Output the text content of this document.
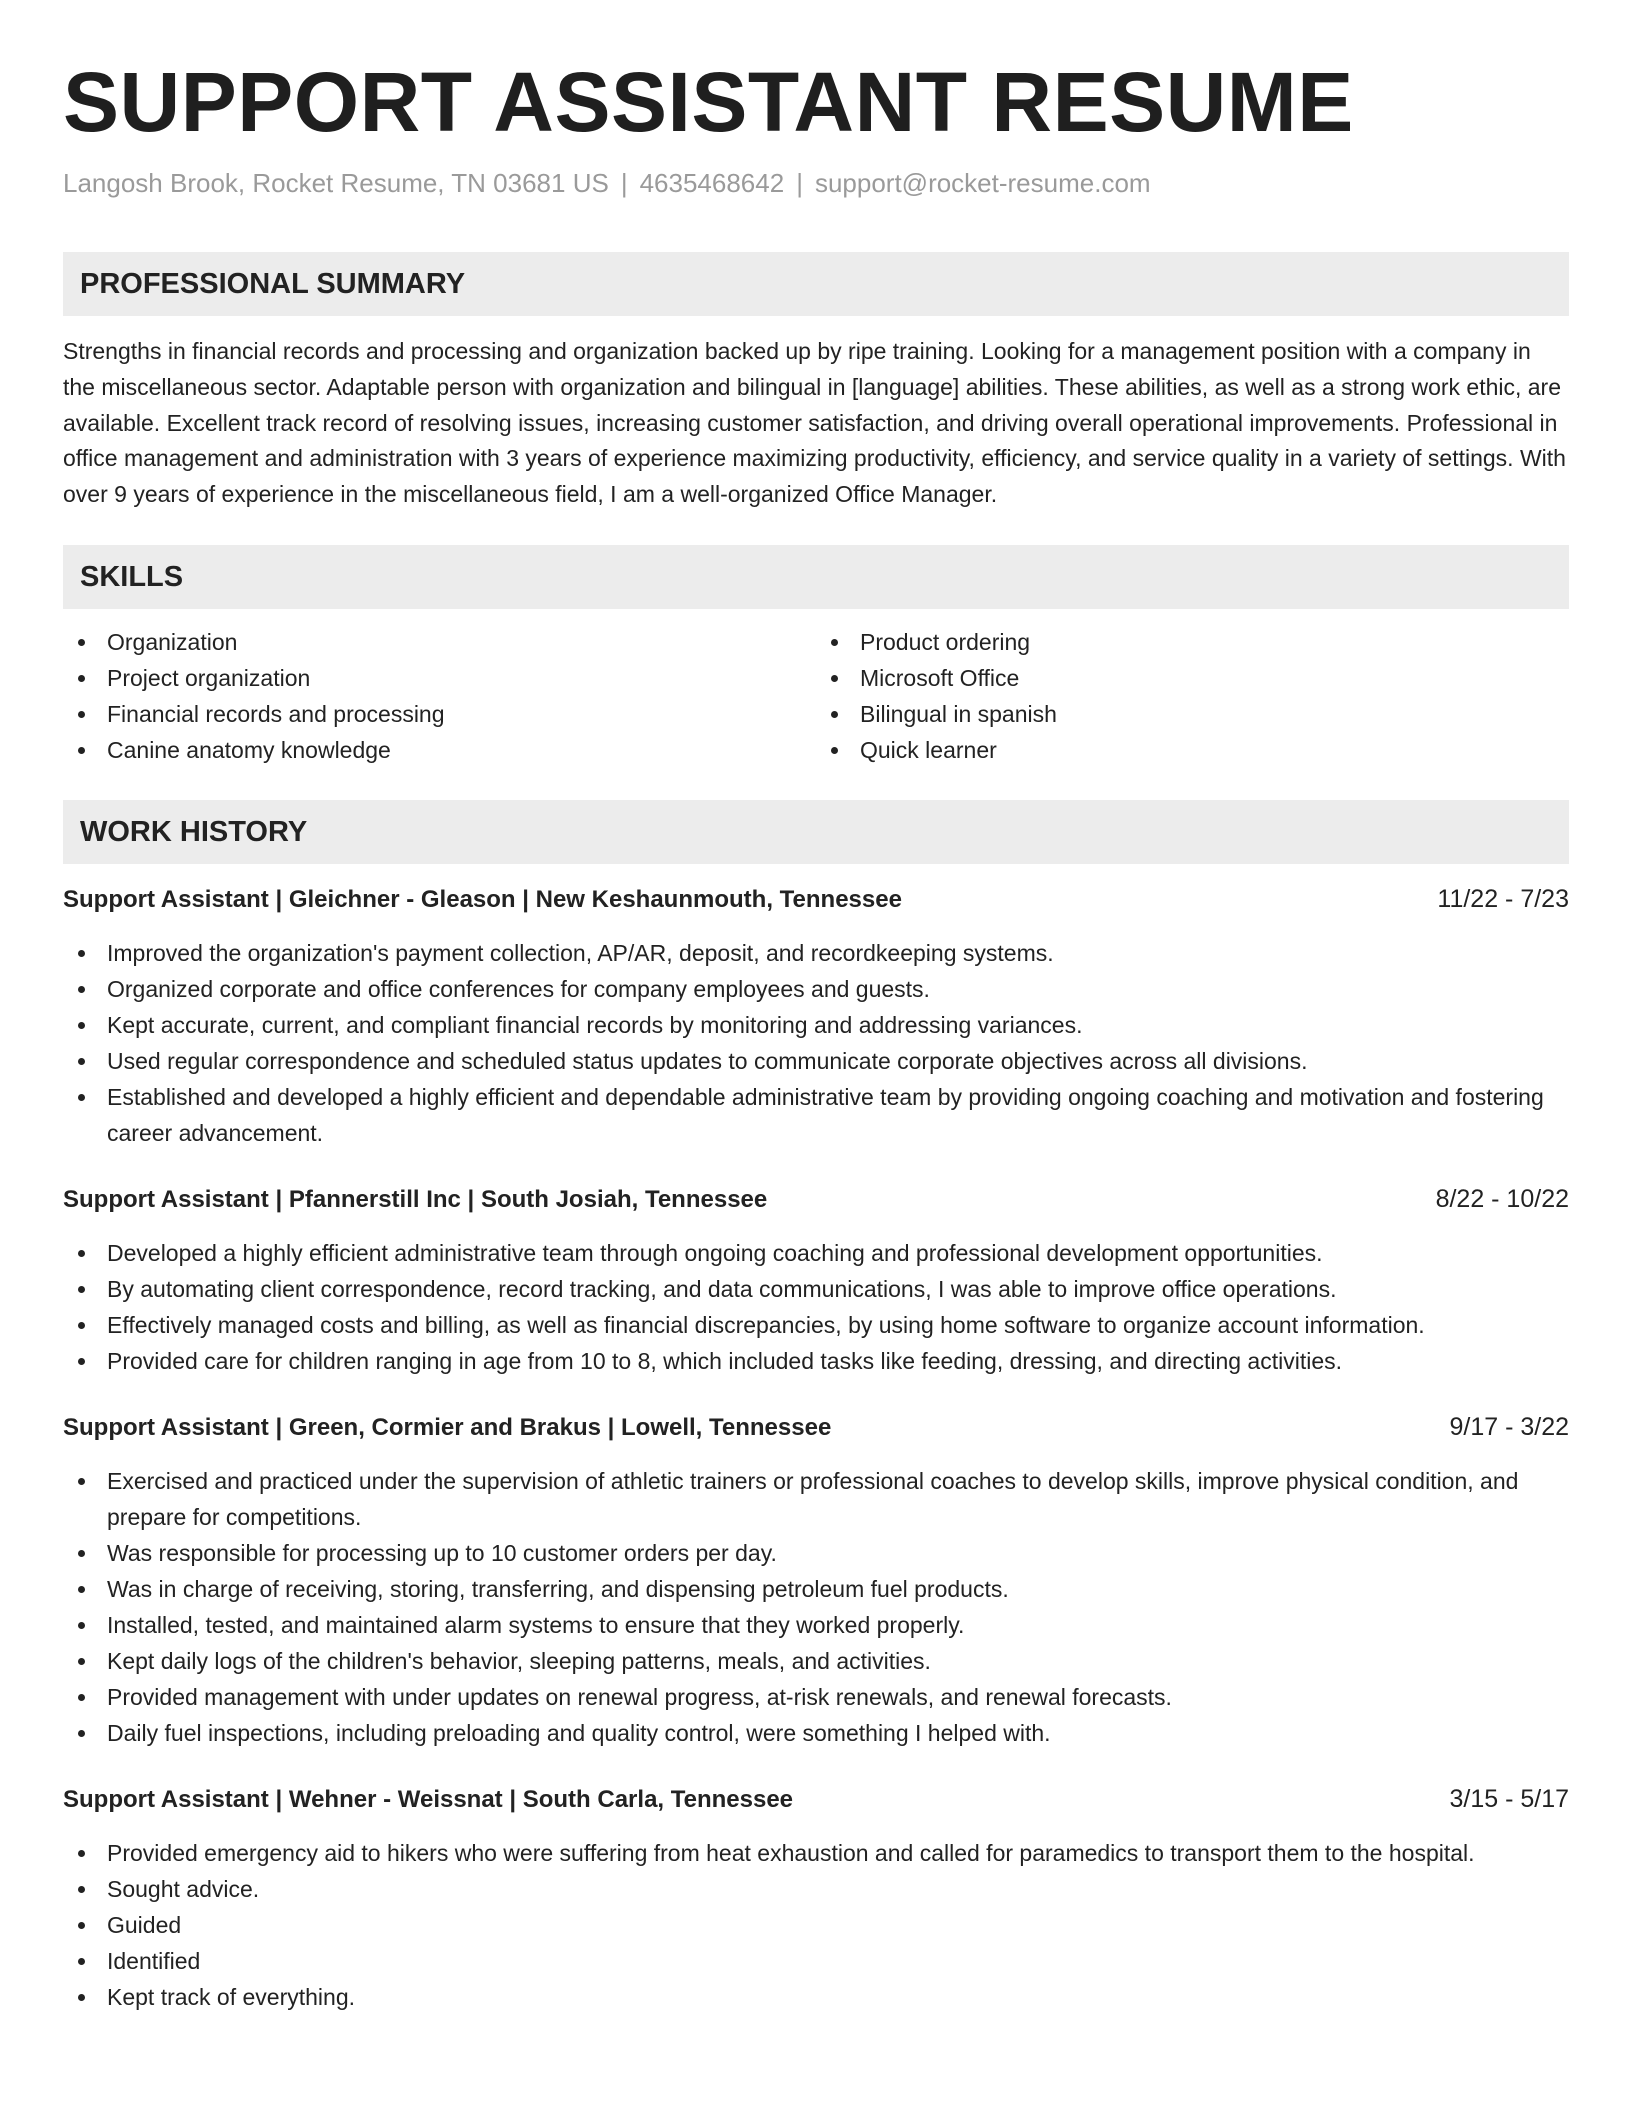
SUPPORT ASSISTANT RESUME
Langosh Brook, Rocket Resume, TN 03681 US | 4635468642 | support@rocket-resume.com
PROFESSIONAL SUMMARY

Strengths in financial records and processing and organization backed up by ripe training. Looking for a management position with a company in the miscellaneous sector. Adaptable person with organization and bilingual in [language] abilities. These abilities, as well as a strong work ethic, are available. Excellent track record of resolving issues, increasing customer satisfaction, and driving overall operational improvements. Professional in office management and administration with 3 years of experience maximizing productivity, efficiency, and service quality in a variety of settings. With over 9 years of experience in the miscellaneous field, I am a well-organized Office Manager.

SKILLS
Organization
Project organization
Financial records and processing
Canine anatomy knowledge
Product ordering
Microsoft Office
Bilingual in spanish
Quick learner
WORK HISTORY
Support Assistant | Gleichner - Gleason | New Keshaunmouth, Tennessee	11/22 - 7/23
Improved the organization's payment collection, AP/AR, deposit, and recordkeeping systems.
Organized corporate and office conferences for company employees and guests.
Kept accurate, current, and compliant financial records by monitoring and addressing variances.
Used regular correspondence and scheduled status updates to communicate corporate objectives across all divisions.
Established and developed a highly efficient and dependable administrative team by providing ongoing coaching and motivation and fostering career advancement.
Support Assistant | Pfannerstill Inc | South Josiah, Tennessee	8/22 - 10/22
Developed a highly efficient administrative team through ongoing coaching and professional development opportunities.
By automating client correspondence, record tracking, and data communications, I was able to improve office operations.
Effectively managed costs and billing, as well as financial discrepancies, by using home software to organize account information.
Provided care for children ranging in age from 10 to 8, which included tasks like feeding, dressing, and directing activities.
Support Assistant | Green, Cormier and Brakus | Lowell, Tennessee	9/17 - 3/22
Exercised and practiced under the supervision of athletic trainers or professional coaches to develop skills, improve physical condition, and prepare for competitions.
Was responsible for processing up to 10 customer orders per day.
Was in charge of receiving, storing, transferring, and dispensing petroleum fuel products.
Installed, tested, and maintained alarm systems to ensure that they worked properly.
Kept daily logs of the children's behavior, sleeping patterns, meals, and activities.
Provided management with under updates on renewal progress, at-risk renewals, and renewal forecasts.
Daily fuel inspections, including preloading and quality control, were something I helped with.
Support Assistant | Wehner - Weissnat | South Carla, Tennessee	3/15 - 5/17
Provided emergency aid to hikers who were suffering from heat exhaustion and called for paramedics to transport them to the hospital.
Sought advice.
Guided
Identified
Kept track of everything.
